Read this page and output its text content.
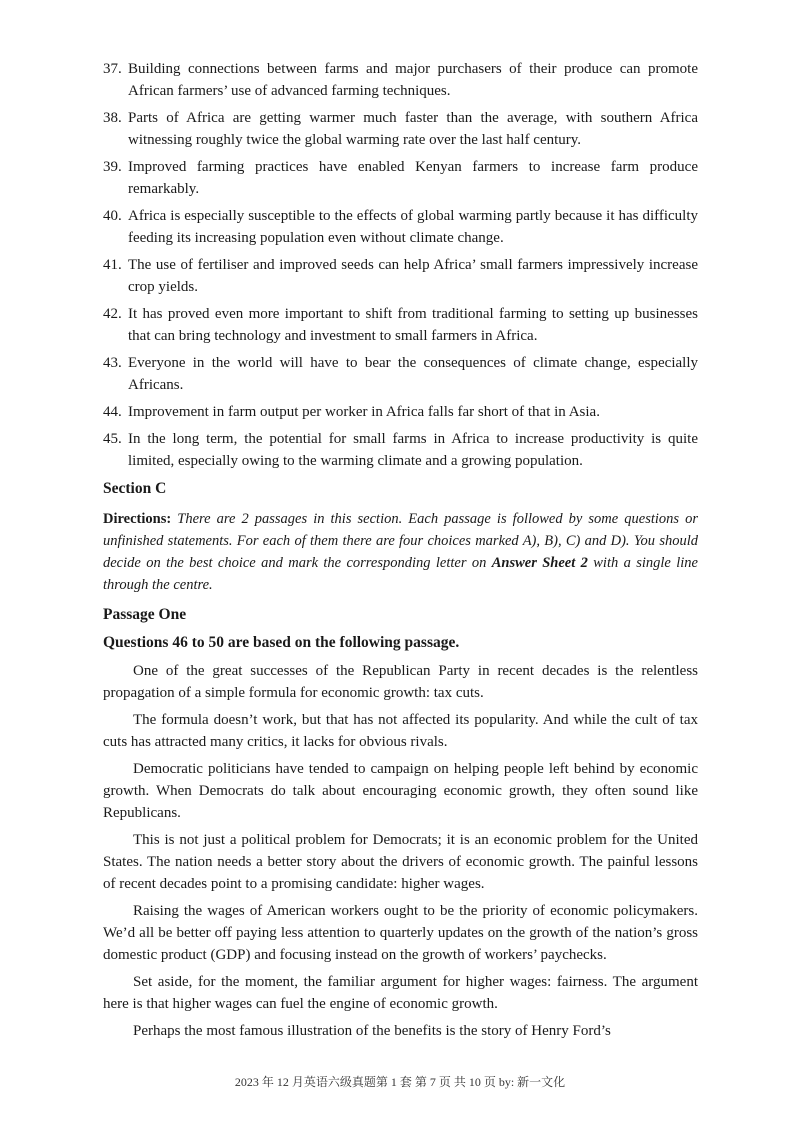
37. Building connections between farms and major purchasers of their produce can promote African farmers’ use of advanced farming techniques.
38. Parts of Africa are getting warmer much faster than the average, with southern Africa witnessing roughly twice the global warming rate over the last half century.
39. Improved farming practices have enabled Kenyan farmers to increase farm produce remarkably.
40. Africa is especially susceptible to the effects of global warming partly because it has difficulty feeding its increasing population even without climate change.
41. The use of fertiliser and improved seeds can help Africa’ small farmers impressively increase crop yields.
42. It has proved even more important to shift from traditional farming to setting up businesses that can bring technology and investment to small farmers in Africa.
43. Everyone in the world will have to bear the consequences of climate change, especially Africans.
44. Improvement in farm output per worker in Africa falls far short of that in Asia.
45. In the long term, the potential for small farms in Africa to increase productivity is quite limited, especially owing to the warming climate and a growing population.
Section C
Directions: There are 2 passages in this section. Each passage is followed by some questions or unfinished statements. For each of them there are four choices marked A), B), C) and D). You should decide on the best choice and mark the corresponding letter on Answer Sheet 2 with a single line through the centre.
Passage One
Questions 46 to 50 are based on the following passage.

One of the great successes of the Republican Party in recent decades is the relentless propagation of a simple formula for economic growth: tax cuts.

The formula doesn’t work, but that has not affected its popularity. And while the cult of tax cuts has attracted many critics, it lacks for obvious rivals.

Democratic politicians have tended to campaign on helping people left behind by economic growth. When Democrats do talk about encouraging economic growth, they often sound like Republicans.

This is not just a political problem for Democrats; it is an economic problem for the United States. The nation needs a better story about the drivers of economic growth. The painful lessons of recent decades point to a promising candidate: higher wages.

Raising the wages of American workers ought to be the priority of economic policymakers. We’d all be better off paying less attention to quarterly updates on the growth of the nation’s gross domestic product (GDP) and focusing instead on the growth of workers’ paychecks.

Set aside, for the moment, the familiar argument for higher wages: fairness. The argument here is that higher wages can fuel the engine of economic growth.

Perhaps the most famous illustration of the benefits is the story of Henry Ford’s

2023 年 12 月英语六级真题第 1 套 第 7 页 共 10 页 by: 新一文化
